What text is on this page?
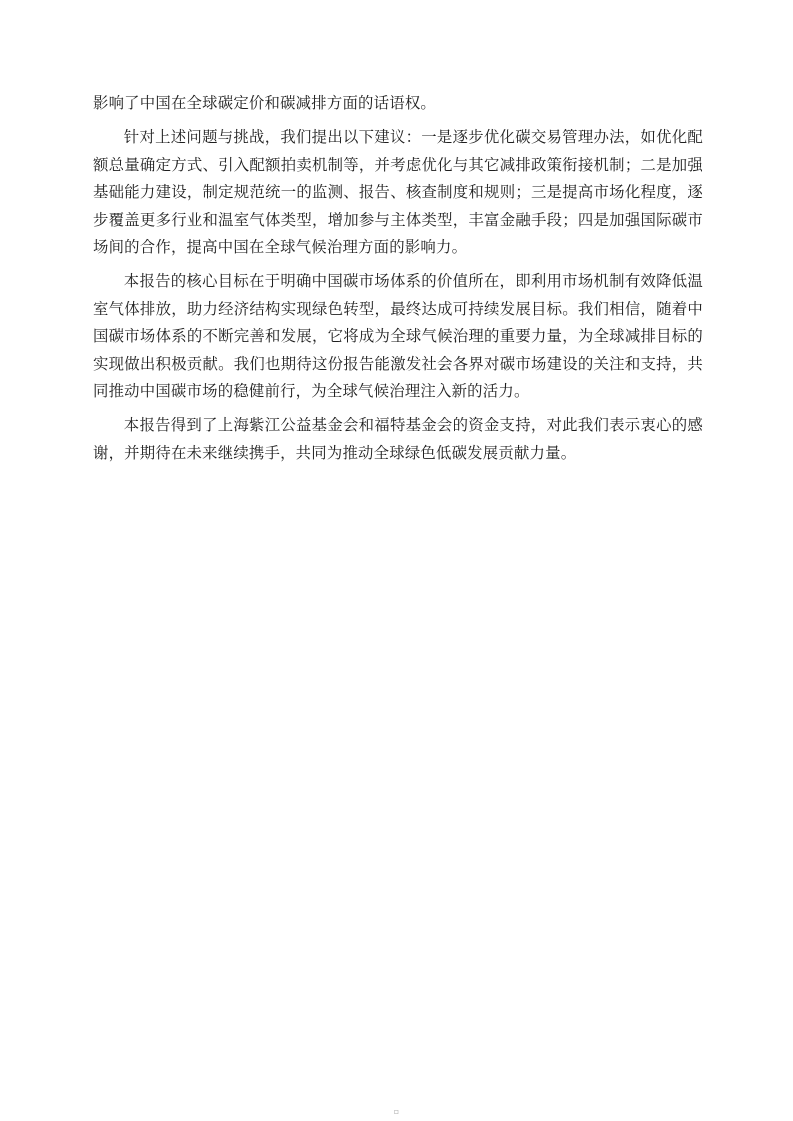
影响了中国在全球碳定价和碳减排方面的话语权。

针对上述问题与挑战，我们提出以下建议：一是逐步优化碳交易管理办法，如优化配额总量确定方式、引入配额拍卖机制等，并考虑优化与其它减排政策衔接机制；二是加强基础能力建设，制定规范统一的监测、报告、核查制度和规则；三是提高市场化程度，逐步覆盖更多行业和温室气体类型，增加参与主体类型，丰富金融手段；四是加强国际碳市场间的合作，提高中国在全球气候治理方面的影响力。

本报告的核心目标在于明确中国碳市场体系的价值所在，即利用市场机制有效降低温室气体排放，助力经济结构实现绿色转型，最终达成可持续发展目标。我们相信，随着中国碳市场体系的不断完善和发展，它将成为全球气候治理的重要力量，为全球减排目标的实现做出积极贡献。我们也期待这份报告能激发社会各界对碳市场建设的关注和支持，共同推动中国碳市场的稳健前行，为全球气候治理注入新的活力。

本报告得到了上海紫江公益基金会和福特基金会的资金支持，对此我们表示衷心的感谢，并期待在未来继续携手，共同为推动全球绿色低碳发展贡献力量。

▫
